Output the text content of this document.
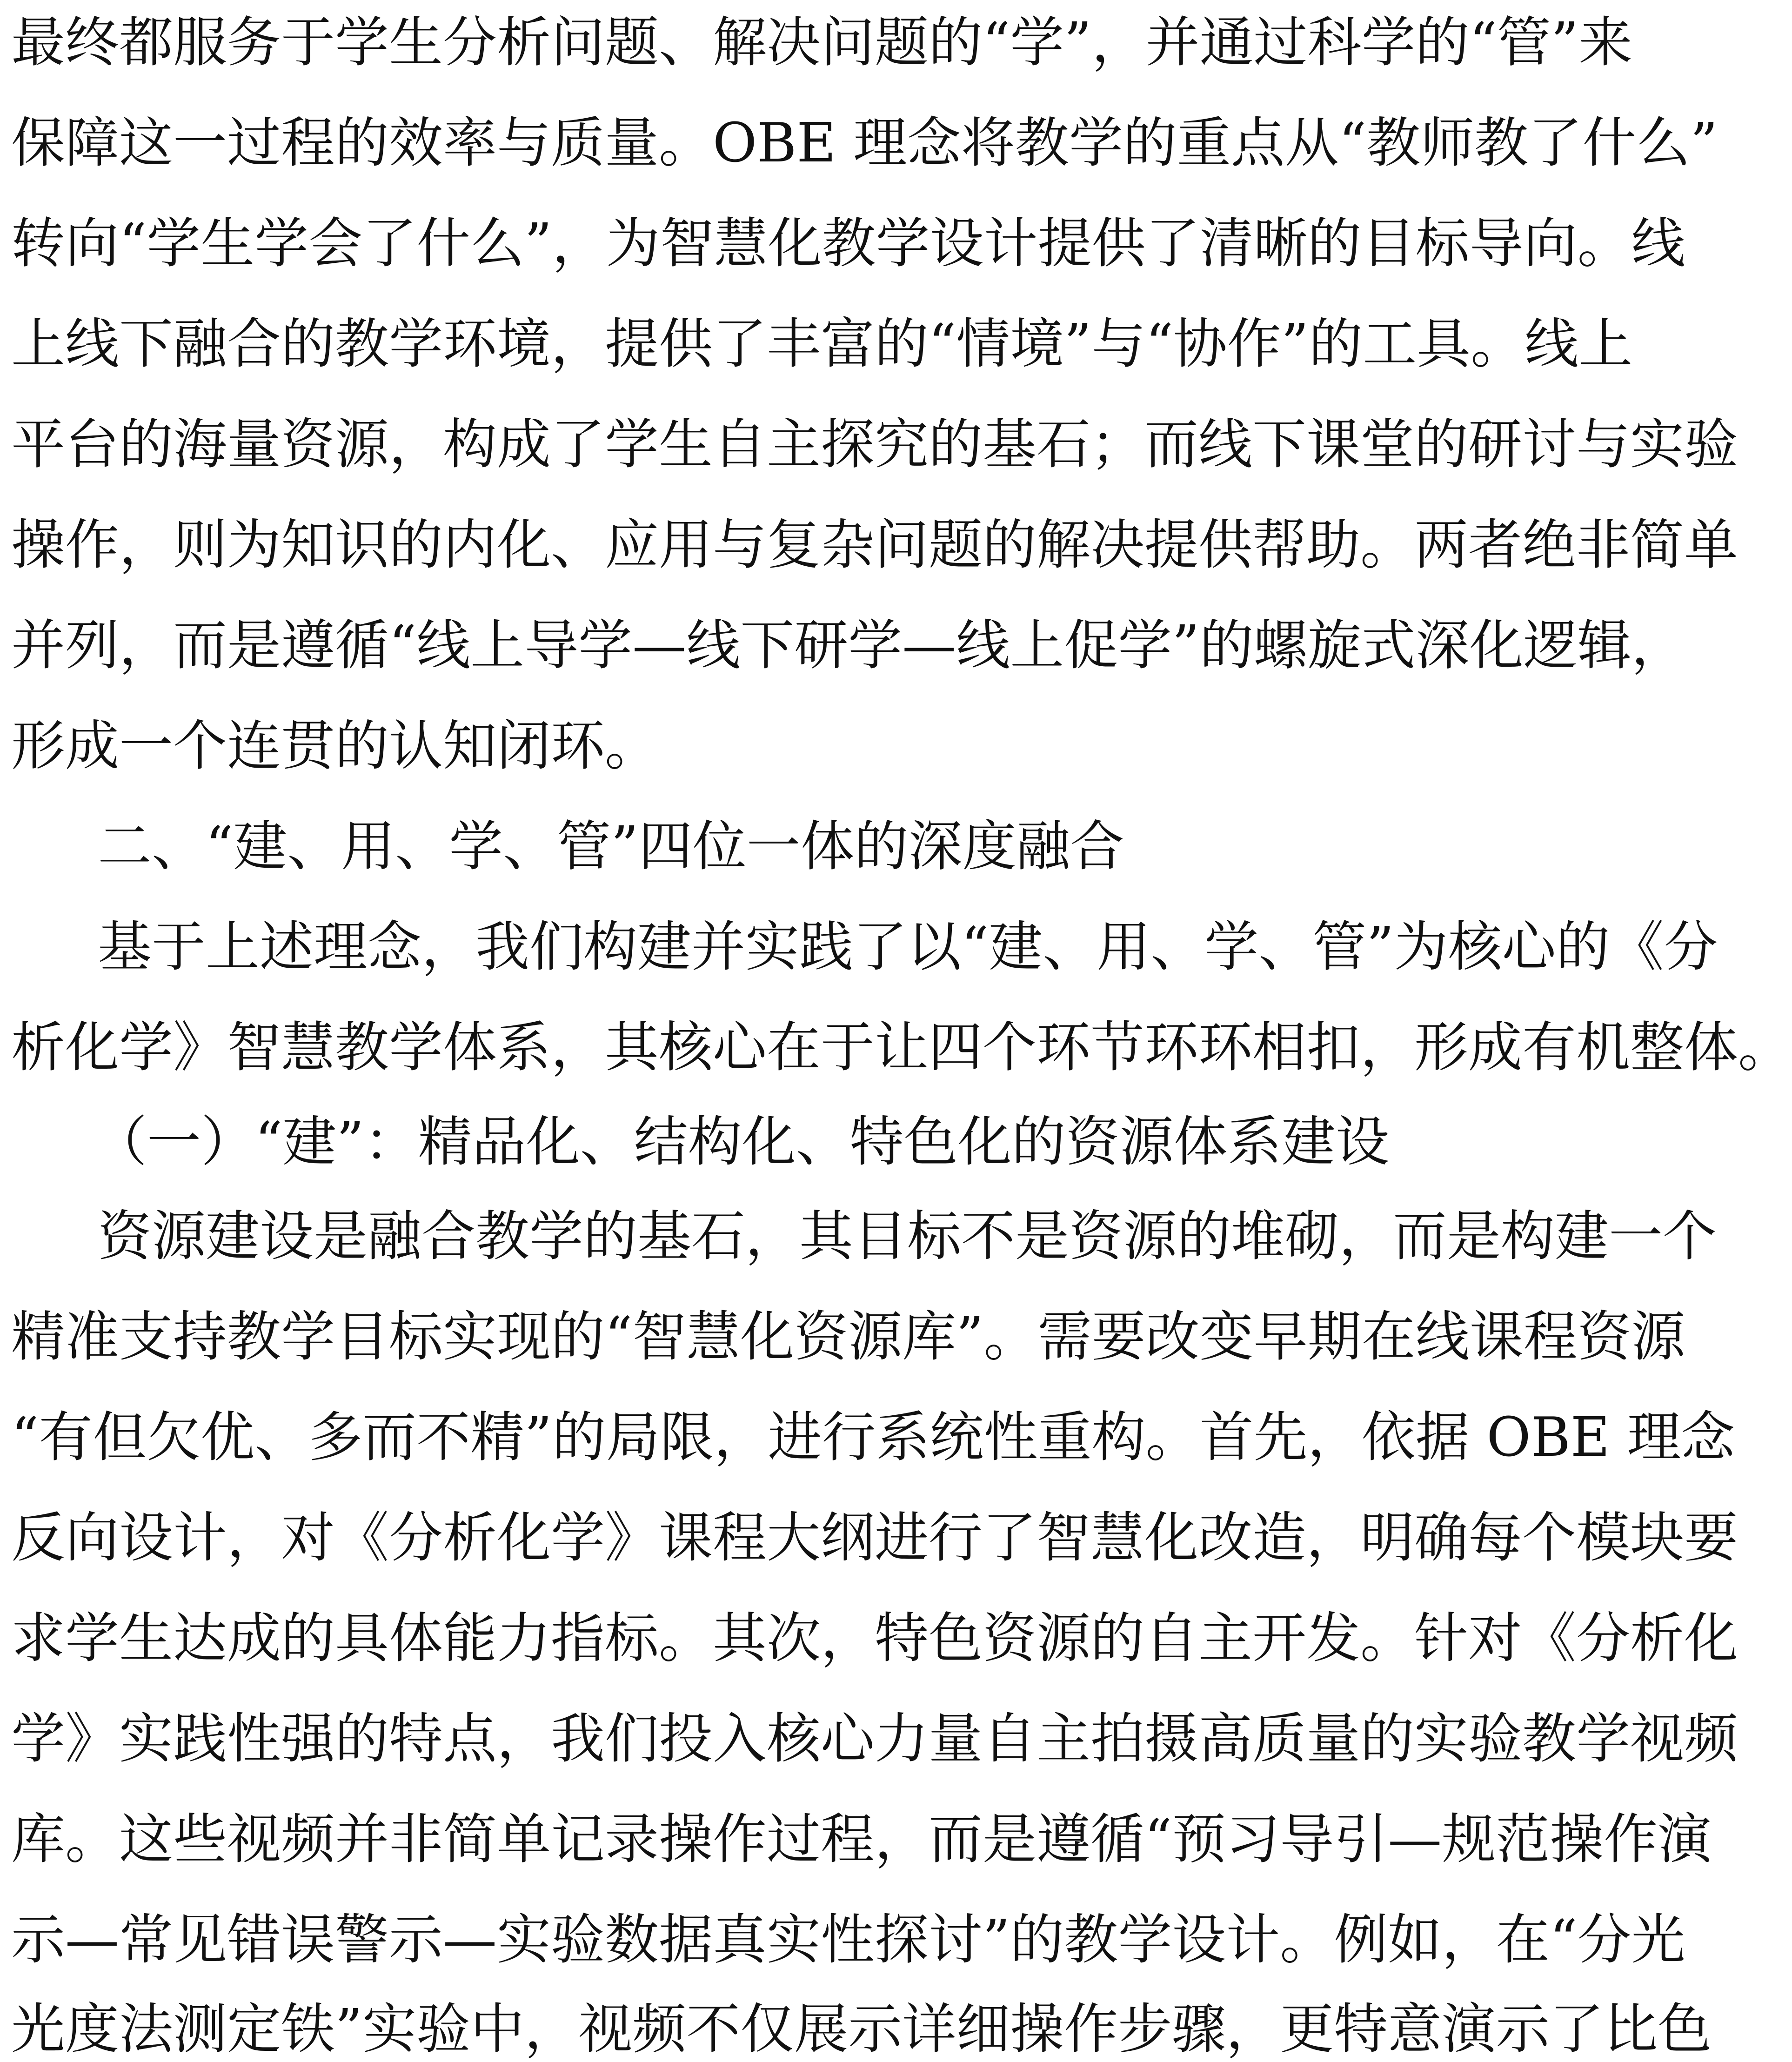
最终都服务于学生分析问题、解决问题的“学”，并通过科学的“管”来
保障这一过程的效率与质量。OBE 理念将教学的重点从“教师教了什么”
转向“学生学会了什么”，为智慧化教学设计提供了清晰的目标导向。线
上线下融合的教学环境，提供了丰富的“情境”与“协作”的工具。线上
平台的海量资源，构成了学生自主探究的基石；而线下课堂的研讨与实验
操作，则为知识的内化、应用与复杂问题的解决提供帮助。两者绝非简单
并列，而是遵循“线上导学—线下研学—线上促学”的螺旋式深化逻辑，
形成一个连贯的认知闭环。
二、“建、用、学、管”四位一体的深度融合
基于上述理念，我们构建并实践了以“建、用、学、管”为核心的《分
析化学》智慧教学体系，其核心在于让四个环节环环相扣，形成有机整体。
（一）“建”：精品化、结构化、特色化的资源体系建设
资源建设是融合教学的基石，其目标不是资源的堆砌，而是构建一个
精准支持教学目标实现的“智慧化资源库”。需要改变早期在线课程资源
“有但欠优、多而不精”的局限，进行系统性重构。首先，依据 OBE 理念
反向设计，对《分析化学》课程大纲进行了智慧化改造，明确每个模块要
求学生达成的具体能力指标。其次，特色资源的自主开发。针对《分析化
学》实践性强的特点，我们投入核心力量自主拍摄高质量的实验教学视频
库。这些视频并非简单记录操作过程，而是遵循“预习导引—规范操作演
示—常见错误警示—实验数据真实性探讨”的教学设计。例如，在“分光
光度法测定铁”实验中，视频不仅展示详细操作步骤，更特意演示了比色
